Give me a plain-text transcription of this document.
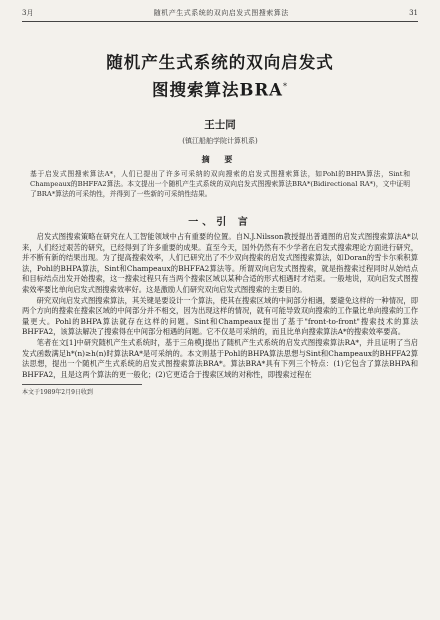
3月	随机产生式系统的双向启发式图搜索算法	31
随机产生式系统的双向启发式
图搜索算法BRA*
王士同
(镇江船舶学院计算机系)
摘 要
基于启发式图搜索算法A*，人们已提出了许多可采纳的双向搜索的启发式图搜索算法，如Pohl的BHPA算法，Sint和Champeaux的BHFFA2算法。本文提出一个随机产生式系统的双向启发式图搜索算法BRA*(Bidirectional RA*)，文中证明了BRA*算法的可采纳性，并得到了一些新的可采纳性结果。
一、引 言

启发式图搜索策略在研究在人工智能领域中占有重要的位置。自N.J.Nilsson教授提出普通图的启发式图搜索算法A*以来，人们经过艰苦的研究，已经得到了许多重要的成果。直至今天，国外仍然有不少学者在启发式搜索理论方面进行研究，并不断有新的结果出现。为了提高搜索效率，人们已研究出了不少双向搜索的启发式图搜索算法，如Doran的雪卡尔乘积算法，Pohl的BHPA算法，Sint和Champeaux的BHFFA2算法等。所谓双向启发式图搜索，就是指搜索过程同时从始结点和目标结点出发开始搜索，这一搜索过程只有当两个搜索区域以某种合适的形式相遇时才结束。一般地说，双向启发式图搜索效率要比单向启发式图搜索效率好。这是激励人们研究双向启发式图搜索的主要目的。

研究双向启发式图搜索算法，其关键是要设计一个算法，使其在搜索区域的中间部分相遇，要避免这样的一种情况，即两个方向的搜索在搜索区域的中间部分并不相交，因为出现这样的情况，就有可能导致双向搜索的工作量比单向搜索的工作量更大。Pohl的BHPA算法就存在这样的问题。Sint和Champeaux提出了基于"front-to-front"搜索技术的算法BHFFA2，该算法解决了搜索得在中间部分相遇的问题。它不仅是可采纳的，而且比单向搜索算法A*的搜索效率要高。

笔者在文[1]中研究随机产生式系统时，基于三角模J提出了随机产生式系统的启发式图搜索算法RA*，并且证明了当启发式函数满足h*(n)≥h(n)时算法RA*是可采纳的。本文则基于Pohl的BHPA算法思想与Sint和Champeaux的BHFFA2算法思想，提出一个随机产生式系统的启发式图搜索算法BRA*。算法BRA*具有下列三个特点：(1)它包含了算法BHPA和BHFFA2，且是这两个算法的更一般化；(2)它更适合于搜索区域的对称性，即搜索过程在

本文于1989年2月9日收到
